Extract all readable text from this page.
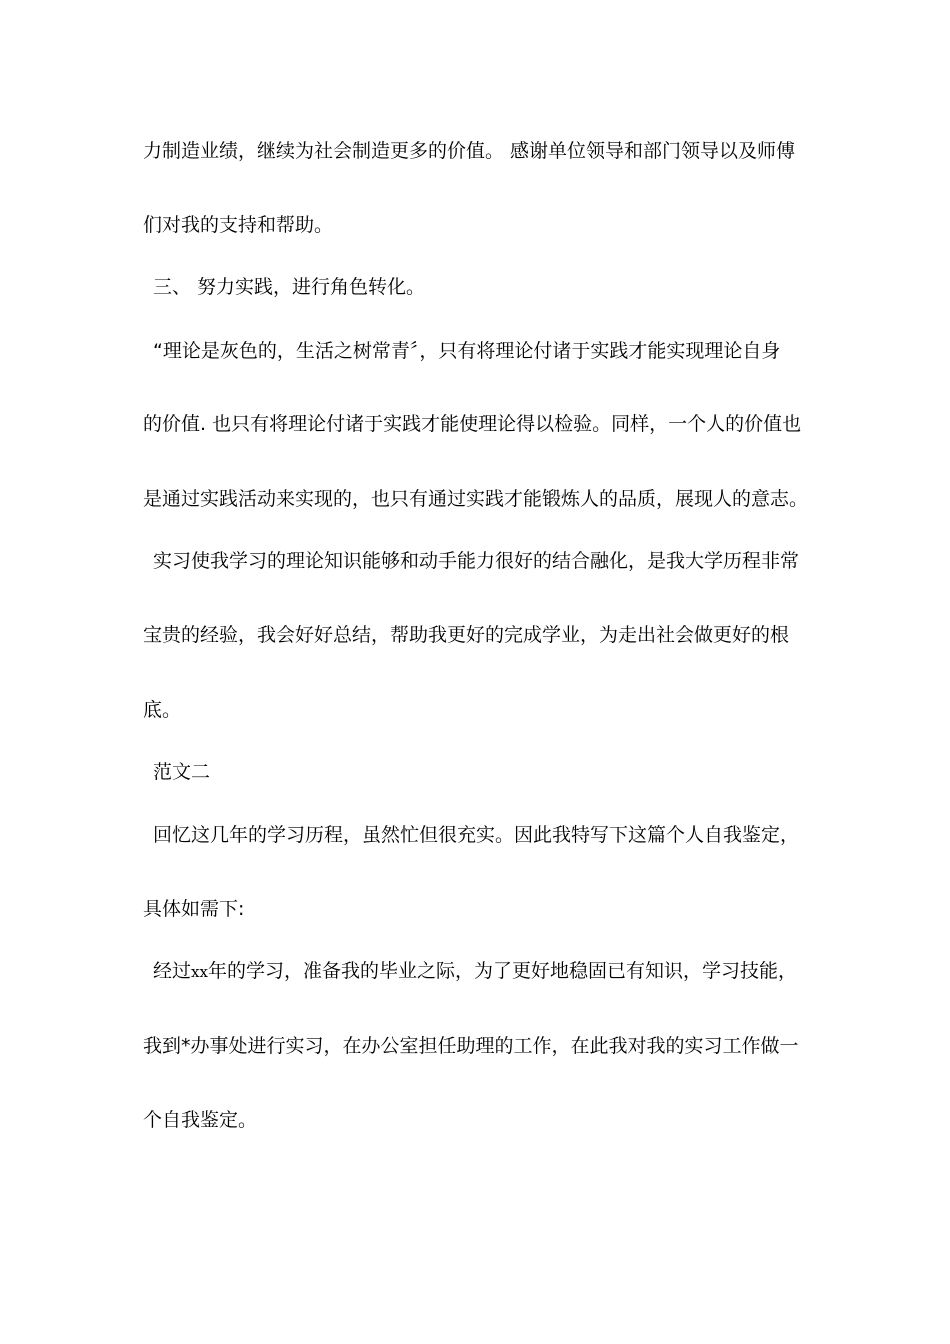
力制造业绩，继续为社会制造更多的价值。 感谢单位领导和部门领导以及师傅
们对我的支持和帮助。
三、 努力实践，进行角色转化。
“理论是灰色的，生活之树常青〞，只有将理论付诸于实践才能实现理论自身
的价值. 也只有将理论付诸于实践才能使理论得以检验。同样，一个人的价值也
是通过实践活动来实现的，也只有通过实践才能锻炼人的品质，展现人的意志。
实习使我学习的理论知识能够和动手能力很好的结合融化，是我大学历程非常
宝贵的经验，我会好好总结，帮助我更好的完成学业，为走出社会做更好的根
底。
范文二
回忆这几年的学习历程，虽然忙但很充实。因此我特写下这篇个人自我鉴定，
具体如需下:
经过xx年的学习，准备我的毕业之际，为了更好地稳固已有知识，学习技能，
我到*办事处进行实习，在办公室担任助理的工作，在此我对我的实习工作做一
个自我鉴定。
